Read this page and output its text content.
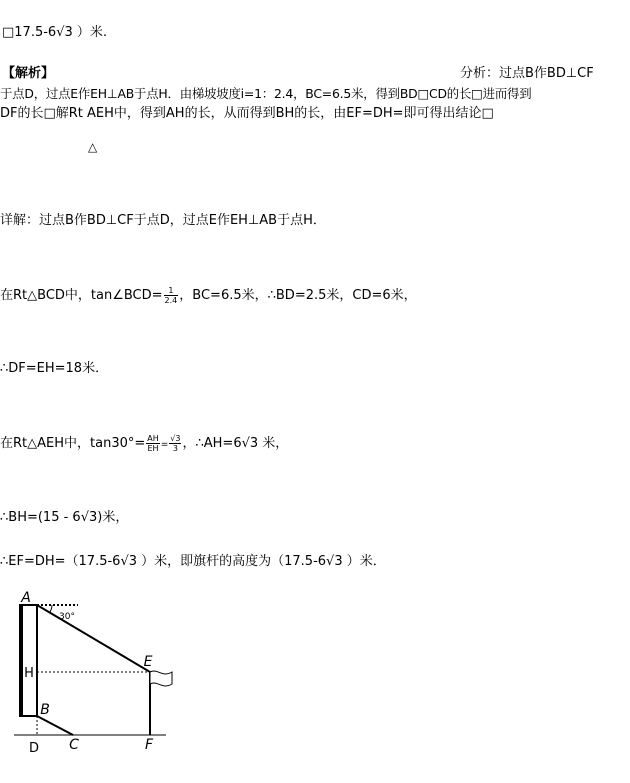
□17.5-6√3 ）米.
【解析】	分析：过点B作BD⊥CF
于点D，过点E作EH⊥AB于点H．由梯坡坡度i=1：2.4，BC=6.5米，得到BD□CD的长□进而得到
DF的长□解Rt AEH中，得到AH的长，从而得到BH的长，由EF=DH=即可得出结论□
△
详解：过点B作BD⊥CF于点D，过点E作EH⊥AB于点H．
在Rt△BCD中，tan∠BCD= $\frac{1}{2.4}$ ，BC=6.5米，∴BD=2.5米，CD=6米，
∴DF=EH=18米．
在Rt△AEH中，$\tan 30^\circ= \frac{AH}{EH} = \frac{√3}{3}$ ，∴AH=6√3 米，
∴BH=(15 - 6√3)米，
∴EF=DH=（17.5-6√3 ）米，即旗杆的高度为（17.5-6√3 ）米．
A
30°
E
H
B
D C	F
